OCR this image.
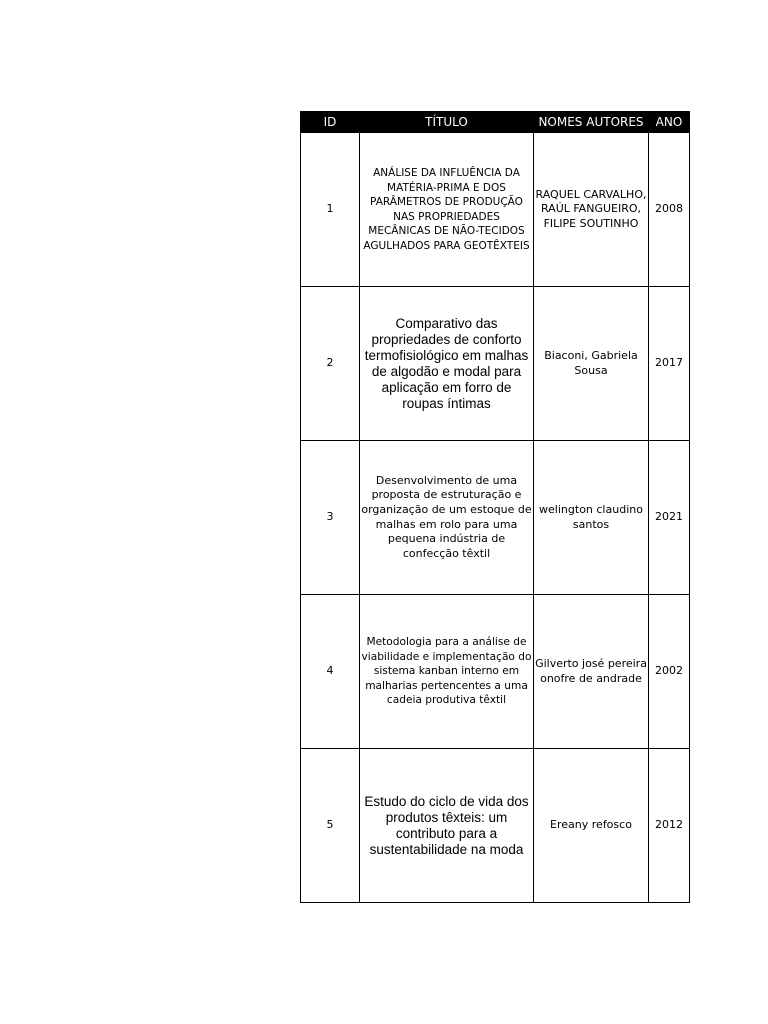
ID	TÍTULO	NOMES AUTORES	ANO
1	ANÁLISE DA INFLUÊNCIA DA MATÉRIA-PRIMA E DOS PARÂMETROS DE PRODUÇÃO NAS PROPRIEDADES MECÂNICAS DE NÃO-TECIDOS AGULHADOS PARA GEOTÊXTEIS	RAQUEL CARVALHO, RAÚL FANGUEIRO, FILIPE SOUTINHO	2008
2	Comparativo das propriedades de conforto termofisiológico em malhas de algodão e modal para aplicação em forro de roupas íntimas	Biaconi, Gabriela Sousa	2017
3	Desenvolvimento de uma proposta de estruturação e organização de um estoque de malhas em rolo para uma pequena indústria de confecção têxtil	welington claudino santos	2021
4	Metodologia para a análise de viabilidade e implementação do sistema kanban interno em malharias pertencentes a uma cadeia produtiva têxtil	Gilverto josé pereira onofre de andrade	2002
5	Estudo do ciclo de vida dos produtos têxteis: um contributo para a sustentabilidade na moda	Ereany refosco	2012
